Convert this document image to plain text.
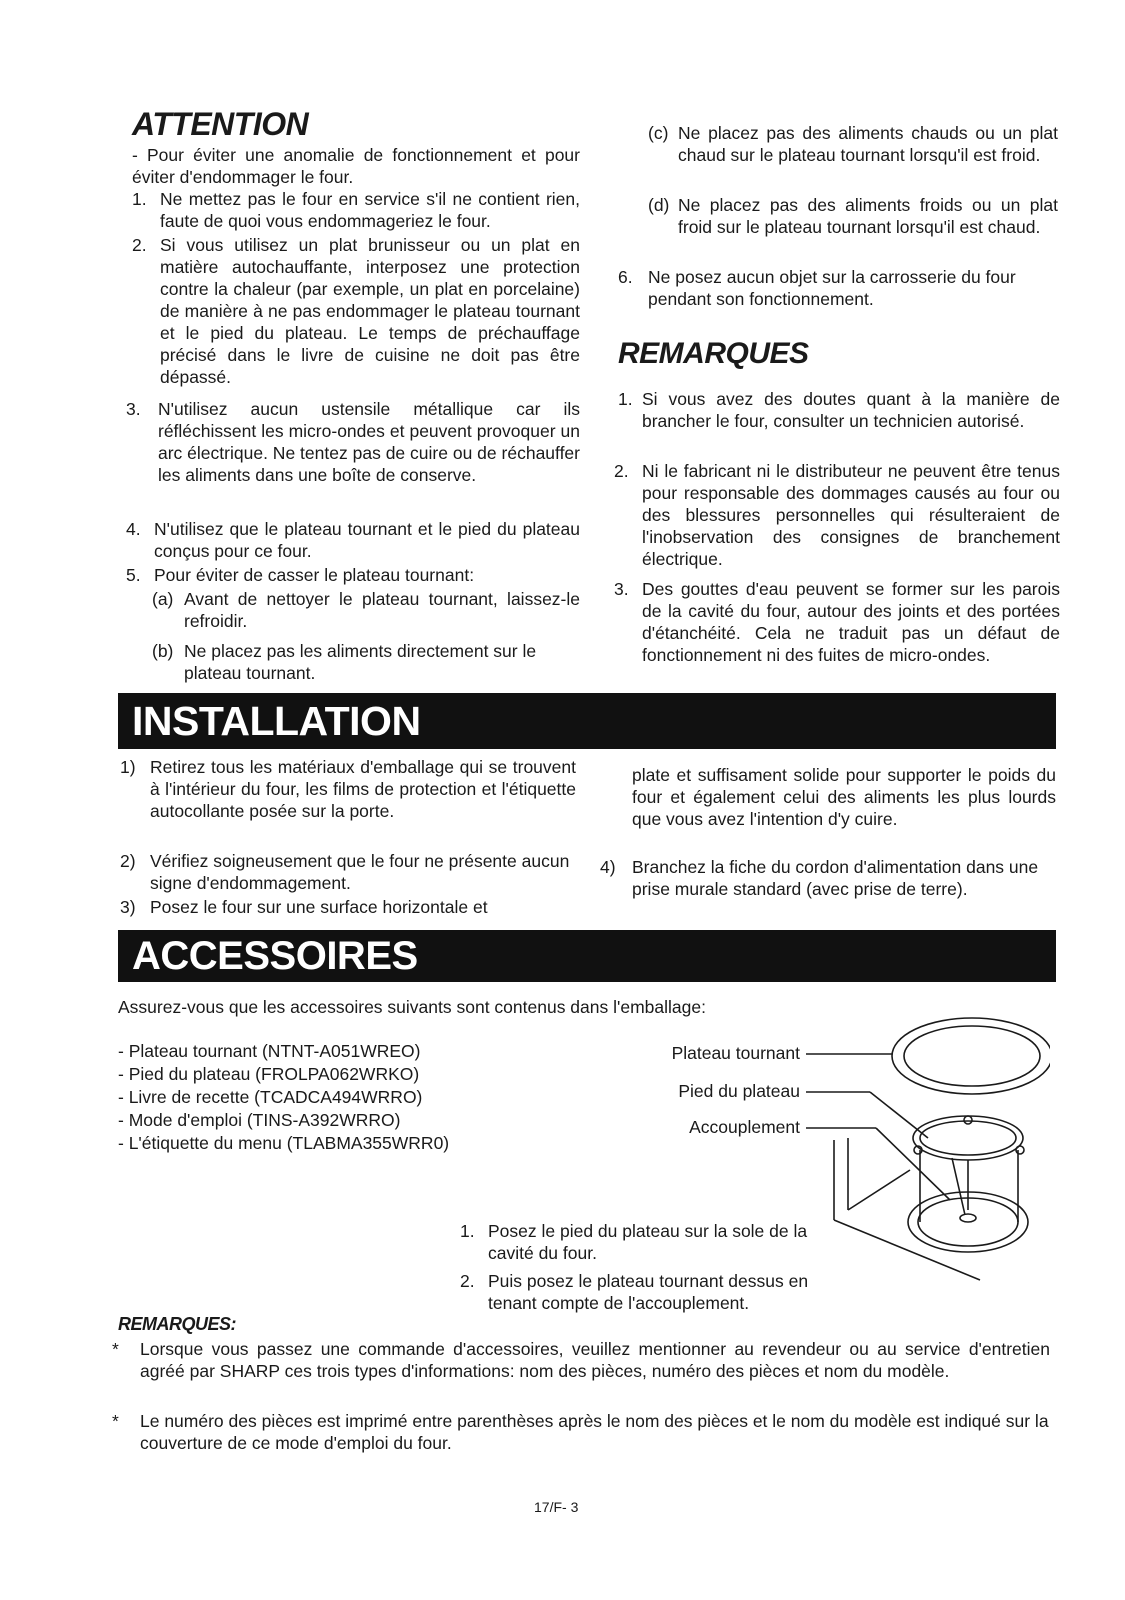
ATTENTION

- Pour éviter une anomalie de fonctionnement et pour éviter d'endommager le four.

1. Ne mettez pas le four en service s'il ne contient rien, faute de quoi vous endommageriez le four.

2. Si vous utilisez un plat brunisseur ou un plat en matière autochauffante, interposez une protection contre la chaleur (par exemple, un plat en porcelaine) de manière à ne pas endommager le plateau tournant et le pied du plateau. Le temps de préchauffage précisé dans le livre de cuisine ne doit pas être dépassé.

3. N'utilisez aucun ustensile métallique car ils réfléchissent les micro-ondes et peuvent provoquer un arc électrique. Ne tentez pas de cuire ou de réchauffer les aliments dans une boîte de conserve.

4. N'utilisez que le plateau tournant et le pied du plateau conçus pour ce four.

5. Pour éviter de casser le plateau tournant:

(a) Avant de nettoyer le plateau tournant, laissez-le refroidir.

(b) Ne placez pas les aliments directement sur le plateau tournant.

(c) Ne placez pas des aliments chauds ou un plat chaud sur le plateau tournant lorsqu'il est froid.

(d) Ne placez pas des aliments froids ou un plat froid sur le plateau tournant lorsqu'il est chaud.

6. Ne posez aucun objet sur la carrosserie du four pendant son fonctionnement.

REMARQUES
1. Si vous avez des doutes quant à la manière de brancher le four, consulter un technicien autorisé.

2. Ni le fabricant ni le distributeur ne peuvent être tenus pour responsable des dommages causés au four ou des blessures personnelles qui résulteraient de l'inobservation des consignes de branchement électrique.

3. Des gouttes d'eau peuvent se former sur les parois de la cavité du four, autour des joints et des portées d'étanchéité. Cela ne traduit pas un défaut de fonctionnement ni des fuites de micro-ondes.

INSTALLATION
1) Retirez tous les matériaux d'emballage qui se trouvent à l'intérieur du four, les films de protection et l'étiquette autocollante posée sur la porte.

2) Vérifiez soigneusement que le four ne présente aucun signe d'endommagement.

3) Posez le four sur une surface horizontale et

plate et suffisament solide pour supporter le poids du four et également celui des aliments les plus lourds que vous avez l'intention d'y cuire.

4) Branchez la fiche du cordon d'alimentation dans une prise murale standard (avec prise de terre).

ACCESSOIRES

Assurez-vous que les accessoires suivants sont contenus dans l'emballage:

- Plateau tournant (NTNT-A051WREO)
- Pied du plateau (FROLPA062WRKO)
- Livre de recette (TCADCA494WRRO)
- Mode d'emploi (TINS-A392WRRO)
- L'étiquette du menu (TLABMA355WRR0)
Plateau tournant
Pied du plateau
Accouplement
1. Posez le pied du plateau sur la sole de la cavité du four.

2. Puis posez le plateau tournant dessus en tenant compte de l'accouplement.

REMARQUES:
* Lorsque vous passez une commande d'accessoires, veuillez mentionner au revendeur ou au service d'entretien agréé par SHARP ces trois types d'informations: nom des pièces, numéro des pièces et nom du modèle.

* Le numéro des pièces est imprimé entre parenthèses après le nom des pièces et le nom du modèle est indiqué sur la couverture de ce mode d'emploi du four.

17/F- 3
